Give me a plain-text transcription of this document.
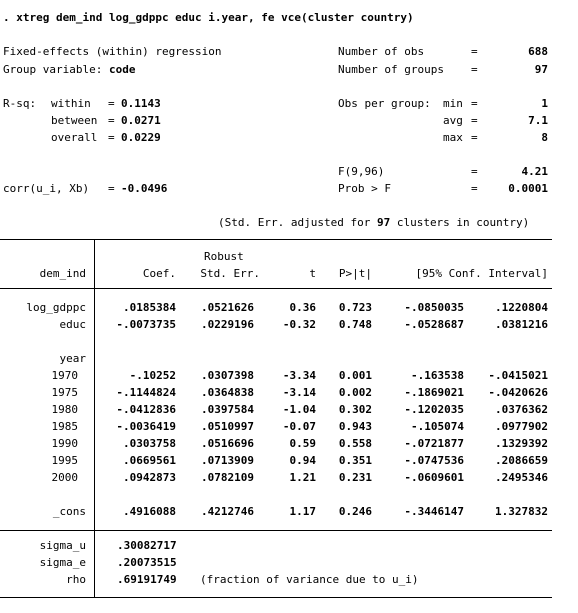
. xtreg dem_ind log_gdppc educ i.year, fe vce(cluster country)
Fixed-effects (within) regression
Group variable: code
Number of obs	=	688
Number of groups =	97
R-sq: within = 0.1143
between = 0.0271
overall = 0.0229
Obs per group: min =	1
avg =	7.1
max =	8
F(9,96)	=	4.21
Prob > F	=	0.0001
corr(u_i, Xb) = -0.0496
(Std. Err. adjusted for 97 clusters in country)
Robust
dem_ind	Coef.	Std. Err.	t	P>|t|	[95% Conf. Interval]
log_gdppc	.0185384	.0521626	0.36	0.723	-.0850035	.1220804
educ	-.0073735	.0229196	-0.32	0.748	-.0528687	.0381216
year
1970	-.10252	.0307398	-3.34	0.001	-.163538	-.0415021
1975	-.1144824	.0364838	-3.14	0.002	-.1869021	-.0420626
1980	-.0412836	.0397584	-1.04	0.302	-.1202035	.0376362
1985	-.0036419	.0510997	-0.07	0.943	-.105074	.0977902
1990	.0303758	.0516696	0.59	0.558	-.0721877	.1329392
1995	.0669561	.0713909	0.94	0.351	-.0747536	.2086659
2000	.0942873	.0782109	1.21	0.231	-.0609601	.2495346
_cons	.4916088	.4212746	1.17	0.246	-.3446147	1.327832
sigma_u	.30082717
sigma_e	.20073515
rho	.69191749 (fraction of variance due to u_i)
